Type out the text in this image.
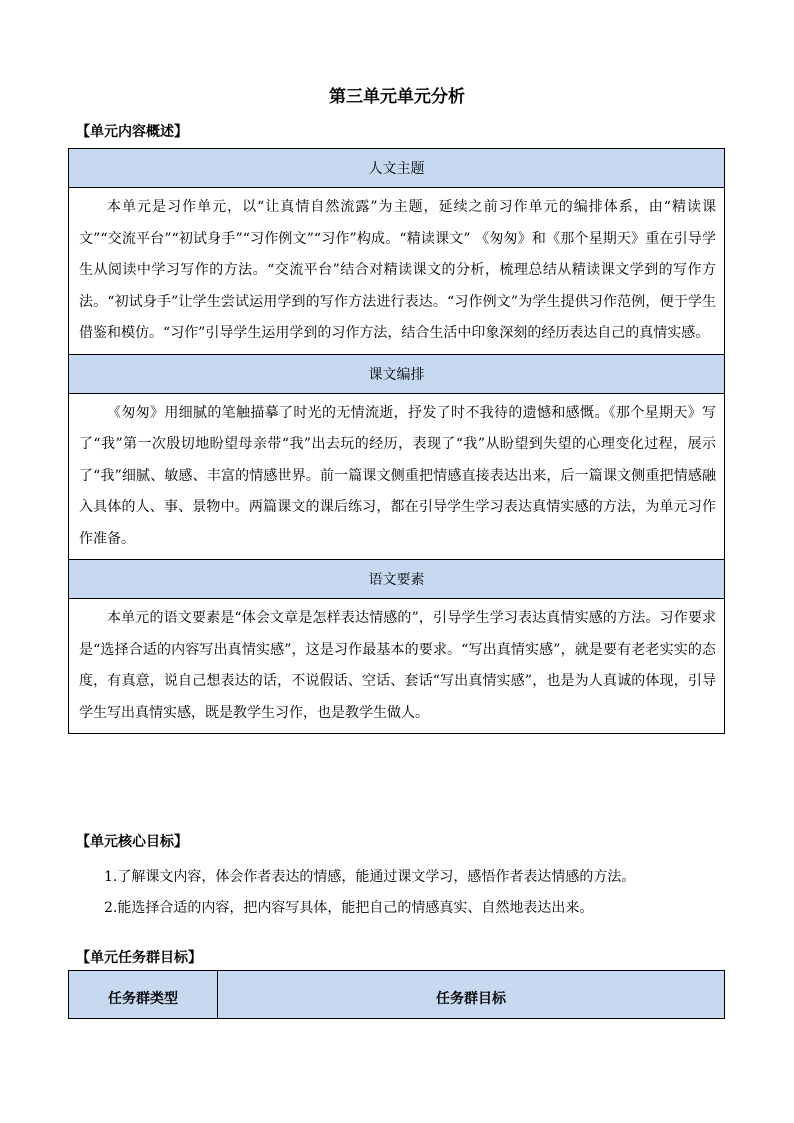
第三单元单元分析
【单元内容概述】
人文主题
本单元是习作单元，以“让真情自然流露”为主题，延续之前习作单元的编排体系，由“精读课文”“交流平台”“初试身手”“习作例文”“习作”构成。“精读课文” 《匆匆》和《那个星期天》重在引导学生从阅读中学习写作的方法。“交流平台”结合对精读课文的分析，梳理总结从精读课文学到的写作方法。“初试身手”让学生尝试运用学到的写作方法进行表达。“习作例文”为学生提供习作范例，便于学生借鉴和模仿。“习作”引导学生运用学到的习作方法，结合生活中印象深刻的经历表达自己的真情实感。
课文编排
《匆匆》用细腻的笔触描摹了时光的无情流逝，抒发了时不我待的遗憾和感慨。《那个星期天》写了“我”第一次殷切地盼望母亲带“我”出去玩的经历，表现了“我”从盼望到失望的心理变化过程，展示了“我”细腻、敏感、丰富的情感世界。前一篇课文侧重把情感直接表达出来，后一篇课文侧重把情感融入具体的人、事、景物中。两篇课文的课后练习，都在引导学生学习表达真情实感的方法，为单元习作作准备。
语文要素
本单元的语文要素是“体会文章是怎样表达情感的”，引导学生学习表达真情实感的方法。习作要求是“选择合适的内容写出真情实感”，这是习作最基本的要求。“写出真情实感”，就是要有老老实实的态度，有真意，说自己想表达的话，不说假话、空话、套话“写出真情实感”，也是为人真诚的体现，引导学生写出真情实感，既是教学生习作，也是教学生做人。
【单元核心目标】
1.了解课文内容，体会作者表达的情感，能通过课文学习，感悟作者表达情感的方法。
2.能选择合适的内容，把内容写具体，能把自己的情感真实、自然地表达出来。
【单元任务群目标】
任务群类型	任务群目标
